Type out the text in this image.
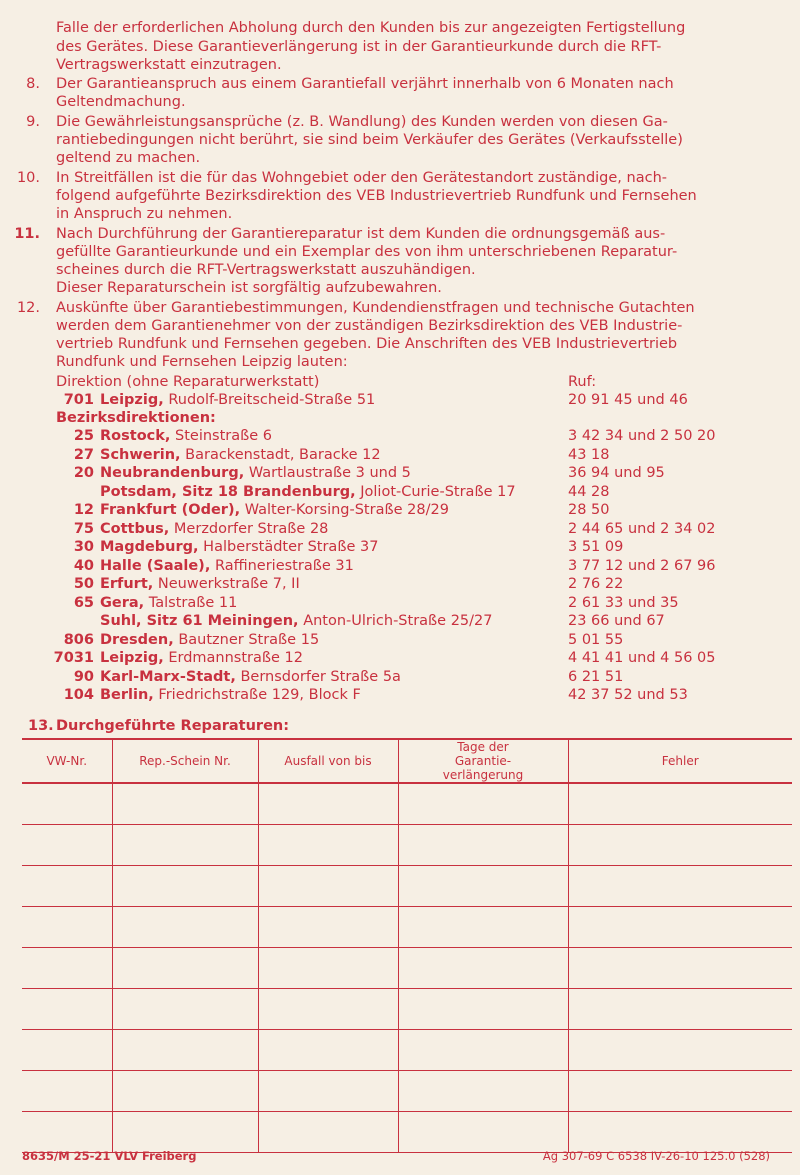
Falle der erforderlichen Abholung durch den Kunden bis zur angezeigten Fertigstellung
des Gerätes. Diese Garantieverlängerung ist in der Garantieurkunde durch die RFT-
Vertragswerkstatt einzutragen.
8. Der Garantieanspruch aus einem Garantiefall verjährt innerhalb von 6 Monaten nach
Geltendmachung.
9. Die Gewährleistungsansprüche (z. B. Wandlung) des Kunden werden von diesen Ga-
rantiebedingungen nicht berührt, sie sind beim Verkäufer des Gerätes (Verkaufsstelle)
geltend zu machen.
10. In Streitfällen ist die für das Wohngebiet oder den Gerätestandort zuständige, nach-
folgend aufgeführte Bezirksdirektion des VEB Industrievertrieb Rundfunk und Fernsehen
in Anspruch zu nehmen.
11. Nach Durchführung der Garantiereparatur ist dem Kunden die ordnungsgemäß aus-
gefüllte Garantieurkunde und ein Exemplar des von ihm unterschriebenen Reparatur-
scheines durch die RFT-Vertragswerkstatt auszuhändigen.
Dieser Reparaturschein ist sorgfältig aufzubewahren.
12. Auskünfte über Garantiebestimmungen, Kundendienstfragen und technische Gutachten
werden dem Garantienehmer von der zuständigen Bezirksdirektion des VEB Industrie-
vertrieb Rundfunk und Fernsehen gegeben. Die Anschriften des VEB Industrievertrieb
Rundfunk und Fernsehen Leipzig lauten:
Direktion (ohne Reparaturwerkstatt)	Ruf:
701 Leipzig, Rudolf-Breitscheid-Straße 51	20 91 45 und 46
Bezirksdirektionen:
25 Rostock, Steinstraße 6	3 42 34 und 2 50 20
27 Schwerin, Barackenstadt, Baracke 12	43 18
20 Neubrandenburg, Wartlaustraße 3 und 5	36 94 und 95
Potsdam, Sitz 18 Brandenburg, Joliot-Curie-Straße 17	44 28
12 Frankfurt (Oder), Walter-Korsing-Straße 28/29	28 50
75 Cottbus, Merzdorfer Straße 28	2 44 65 und 2 34 02
30 Magdeburg, Halberstädter Straße 37	3 51 09
40 Halle (Saale), Raffineriestraße 31	3 77 12 und 2 67 96
50 Erfurt, Neuwerkstraße 7, II	2 76 22
65 Gera, Talstraße 11	2 61 33 und 35
Suhl, Sitz 61 Meiningen, Anton-Ulrich-Straße 25/27	23 66 und 67
806 Dresden, Bautzner Straße 15	5 01 55
7031 Leipzig, Erdmannstraße 12	4 41 41 und 4 56 05
90 Karl-Marx-Stadt, Bernsdorfer Straße 5a	6 21 51
104 Berlin, Friedrichstraße 129, Block F	42 37 52 und 53
13. Durchgeführte Reparaturen:
VW-Nr.	Rep.-Schein Nr.	Ausfall von bis	Tage der Garantie- verlängerung	Fehler

8635/M 25-21 VLV Freiberg	Ag 307-69 C 6538 IV-26-10 125.0 (528)
